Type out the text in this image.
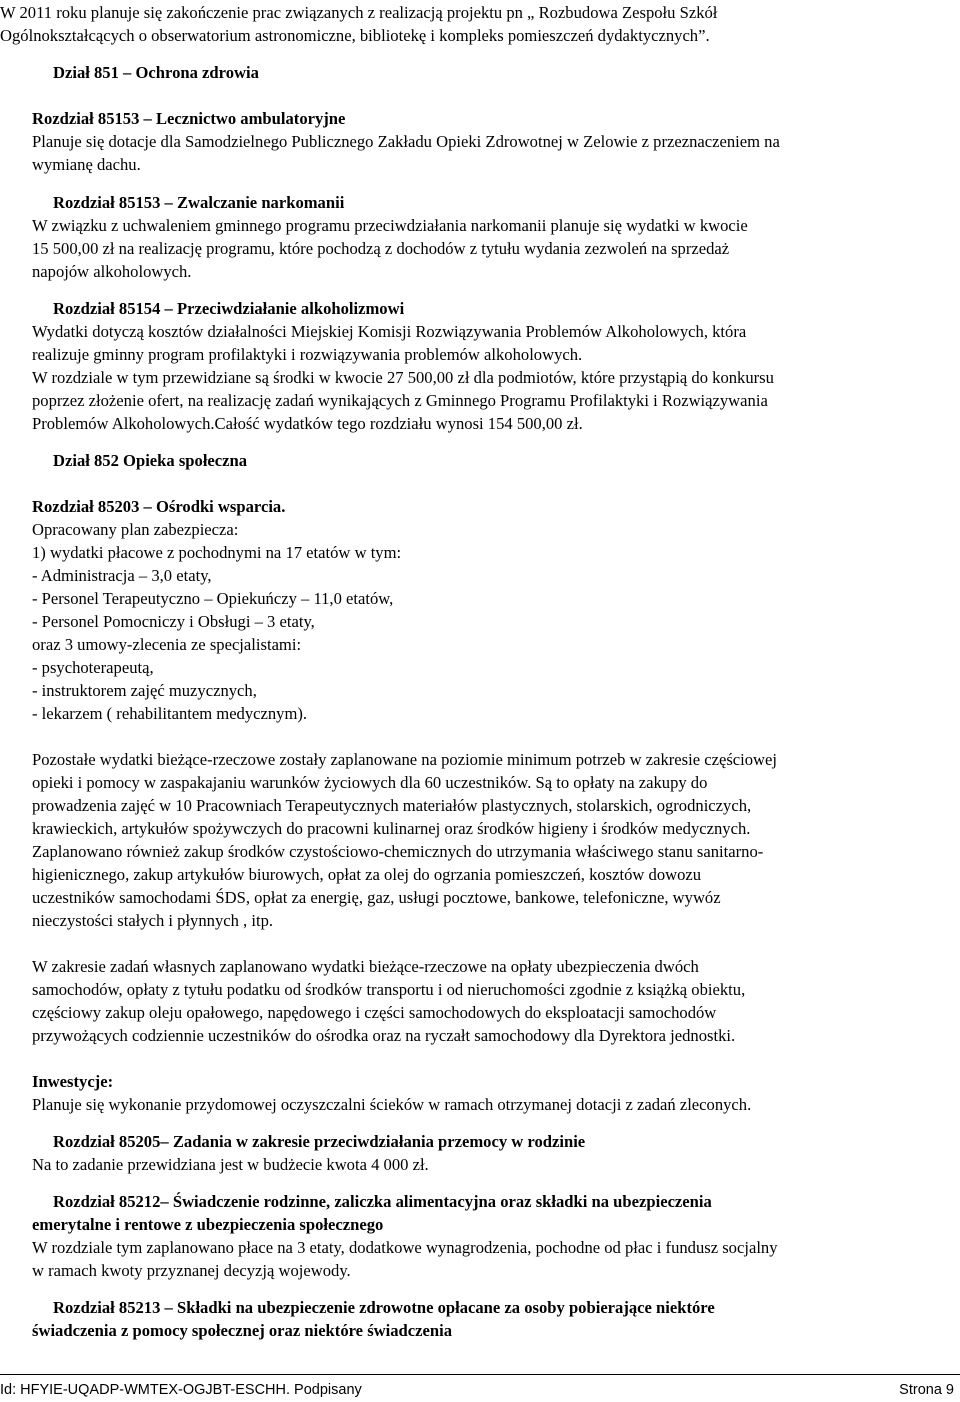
W 2011 roku planuje się zakończenie prac związanych z realizacją projektu pn „ Rozbudowa Zespołu Szkół
Ogólnokształcących o obserwatorium astronomiczne, bibliotekę i kompleks pomieszczeń dydaktycznych”.
Dział 851 – Ochrona zdrowia
Rozdział 85153 – Lecznictwo ambulatoryjne
Planuje się dotacje dla Samodzielnego Publicznego Zakładu Opieki Zdrowotnej w Zelowie z przeznaczeniem na
wymianę dachu.
Rozdział 85153 – Zwalczanie narkomanii
W związku z uchwaleniem gminnego programu przeciwdziałania narkomanii planuje się wydatki w kwocie
15 500,00 zł na realizację programu, które pochodzą z dochodów z tytułu wydania zezwoleń na sprzedaż
napojów alkoholowych.
Rozdział 85154 – Przeciwdziałanie alkoholizmowi
Wydatki dotyczą kosztów działalności Miejskiej Komisji Rozwiązywania Problemów Alkoholowych, która
realizuje gminny program profilaktyki i rozwiązywania problemów alkoholowych.
W rozdziale w tym przewidziane są środki w kwocie 27 500,00 zł dla podmiotów, które przystąpią do konkursu
poprzez złożenie ofert, na realizację zadań wynikających z Gminnego Programu Profilaktyki i Rozwiązywania
Problemów Alkoholowych.Całość wydatków tego rozdziału wynosi 154 500,00 zł.
Dział 852 Opieka społeczna
Rozdział 85203 – Ośrodki wsparcia.
Opracowany plan zabezpiecza:
1) wydatki płacowe z pochodnymi na 17 etatów w tym:
- Administracja – 3,0 etaty,
- Personel Terapeutyczno – Opiekuńczy – 11,0 etatów,
- Personel Pomocniczy i Obsługi – 3 etaty,
oraz 3 umowy-zlecenia ze specjalistami:
- psychoterapeutą,
- instruktorem zajęć muzycznych,
- lekarzem ( rehabilitantem medycznym).
Pozostałe wydatki bieżące-rzeczowe zostały zaplanowane na poziomie minimum potrzeb w zakresie częściowej
opieki i pomocy w zaspakajaniu warunków życiowych dla 60 uczestników. Są to opłaty na zakupy do
prowadzenia zajęć w 10 Pracowniach Terapeutycznych materiałów plastycznych, stolarskich, ogrodniczych,
krawieckich, artykułów spożywczych do pracowni kulinarnej oraz środków higieny i środków medycznych.
Zaplanowano również zakup środków czystościowo-chemicznych do utrzymania właściwego stanu sanitarno-
higienicznego, zakup artykułów biurowych, opłat za olej do ogrzania pomieszczeń, kosztów dowozu
uczestników samochodami ŚDS, opłat za energię, gaz, usługi pocztowe, bankowe, telefoniczne, wywóz
nieczystości stałych i płynnych , itp.
W zakresie zadań własnych zaplanowano wydatki bieżące-rzeczowe na opłaty ubezpieczenia dwóch
samochodów, opłaty z tytułu podatku od środków transportu i od nieruchomości zgodnie z książką obiektu,
częściowy zakup oleju opałowego, napędowego i części samochodowych do eksploatacji samochodów
przywożących codziennie uczestników do ośrodka oraz na ryczałt samochodowy dla Dyrektora jednostki.
Inwestycje:
Planuje się wykonanie przydomowej oczyszczalni ścieków w ramach otrzymanej dotacji z zadań zleconych.
Rozdział 85205– Zadania w zakresie przeciwdziałania przemocy w rodzinie
Na to zadanie przewidziana jest w budżecie kwota 4 000 zł.
Rozdział 85212– Świadczenie rodzinne, zaliczka alimentacyjna oraz składki na ubezpieczenia
emerytalne i rentowe z ubezpieczenia społecznego
W rozdziale tym zaplanowano płace na 3 etaty, dodatkowe wynagrodzenia, pochodne od płac i fundusz socjalny
w ramach kwoty przyznanej decyzją wojewody.
Rozdział 85213 – Składki na ubezpieczenie zdrowotne opłacane za osoby pobierające niektóre
świadczenia z pomocy społecznej oraz niektóre świadczenia
Id: HFYIE-UQADP-WMTEX-OGJBT-ESCHH. Podpisany	Strona 9
